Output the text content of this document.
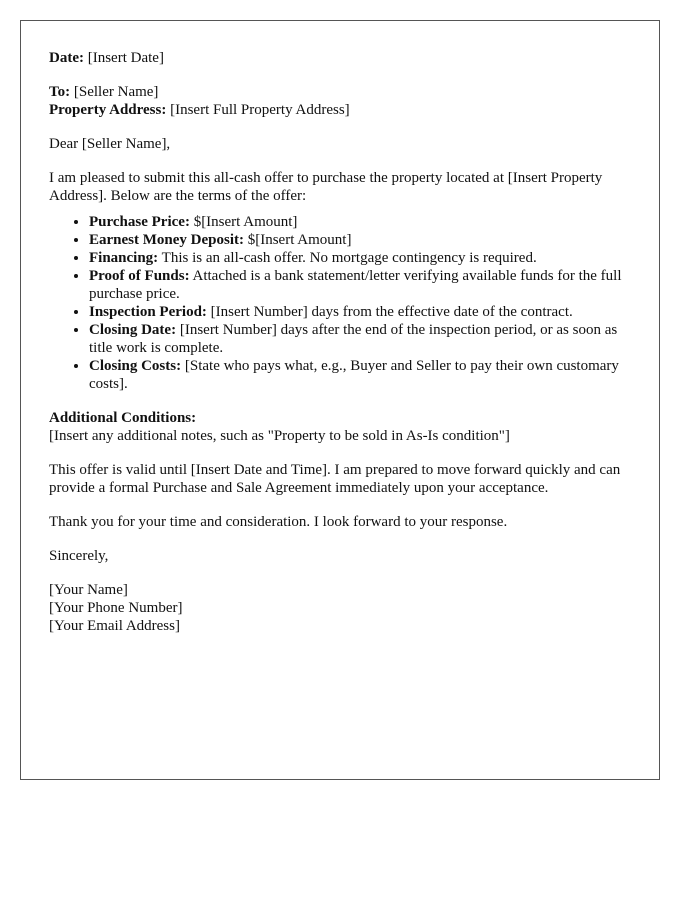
Date: [Insert Date]

To: [Seller Name]
Property Address: [Insert Full Property Address]

Dear [Seller Name],

I am pleased to submit this all-cash offer to purchase the property located at [Insert Property Address]. Below are the terms of the offer:

• Purchase Price: $[Insert Amount]
• Earnest Money Deposit: $[Insert Amount]
• Financing: This is an all-cash offer. No mortgage contingency is required.
• Proof of Funds: Attached is a bank statement/letter verifying available funds for the full purchase price.
• Inspection Period: [Insert Number] days from the effective date of the contract.
• Closing Date: [Insert Number] days after the end of the inspection period, or as soon as title work is complete.
• Closing Costs: [State who pays what, e.g., Buyer and Seller to pay their own customary costs].

Additional Conditions:
[Insert any additional notes, such as "Property to be sold in As-Is condition"]

This offer is valid until [Insert Date and Time]. I am prepared to move forward quickly and can provide a formal Purchase and Sale Agreement immediately upon your acceptance.

Thank you for your time and consideration. I look forward to your response.

Sincerely,

[Your Name]
[Your Phone Number]
[Your Email Address]
